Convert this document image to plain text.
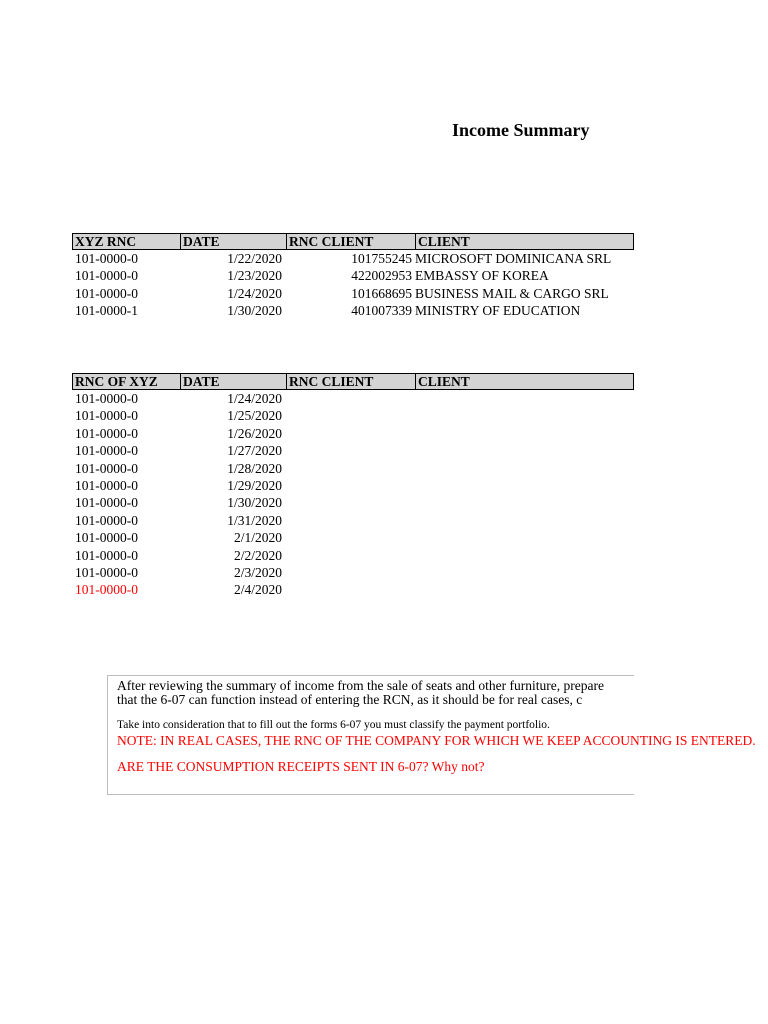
Income Summary
XYZ RNC	DATE	RNC CLIENT	CLIENT
101-0000-0	1/22/2020	101755245 MICROSOFT DOMINICANA SRL
101-0000-0	1/23/2020	422002953 EMBASSY OF KOREA
101-0000-0	1/24/2020	101668695 BUSINESS MAIL & CARGO SRL
101-0000-1	1/30/2020	401007339 MINISTRY OF EDUCATION
RNC OF XYZ	DATE	RNC CLIENT	CLIENT
101-0000-0	1/24/2020
101-0000-0	1/25/2020
101-0000-0	1/26/2020
101-0000-0	1/27/2020
101-0000-0	1/28/2020
101-0000-0	1/29/2020
101-0000-0	1/30/2020
101-0000-0	1/31/2020
101-0000-0	2/1/2020
101-0000-0	2/2/2020
101-0000-0	2/3/2020
101-0000-0	2/4/2020
After reviewing the summary of income from the sale of seats and other furniture, prepare that the 6-07 can function instead of entering the RCN, as it should be for real cases, c
Take into consideration that to fill out the forms 6-07 you must classify the payment portfolio.
NOTE: IN REAL CASES, THE RNC OF THE COMPANY FOR WHICH WE KEEP ACCOUNTING IS ENTERED.
ARE THE CONSUMPTION RECEIPTS SENT IN 6-07? Why not?
